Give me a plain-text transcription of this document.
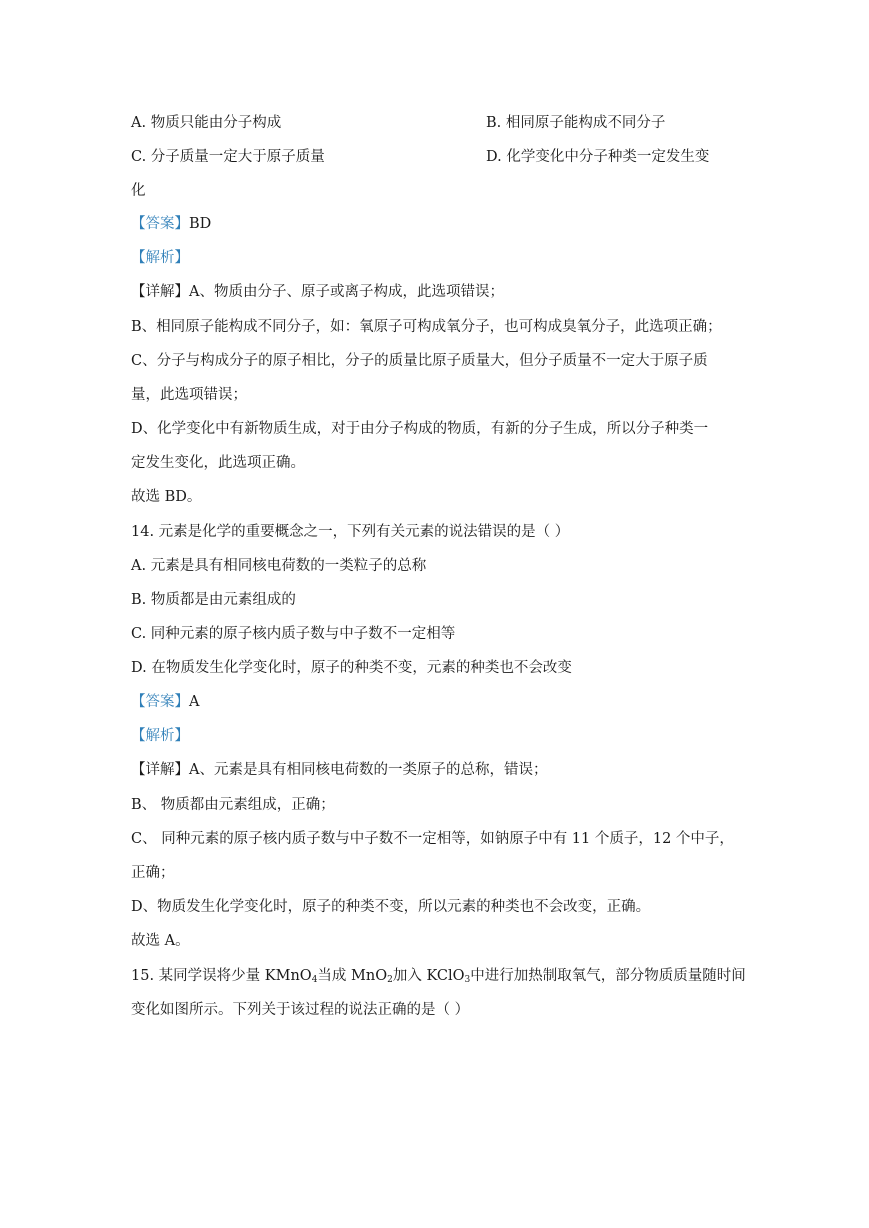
A. 物质只能由分子构成	B. 相同原子能构成不同分子
C. 分子质量一定大于原子质量	D. 化学变化中分子种类一定发生变
化
【答案】BD
【解析】
【详解】A、物质由分子、原子或离子构成，此选项错误；
B、相同原子能构成不同分子，如：氧原子可构成氧分子，也可构成臭氧分子，此选项正确；
C、分子与构成分子的原子相比，分子的质量比原子质量大，但分子质量不一定大于原子质
量，此选项错误；
D、化学变化中有新物质生成，对于由分子构成的物质，有新的分子生成，所以分子种类一
定发生变化，此选项正确。
故选 BD。
14. 元素是化学的重要概念之一，下列有关元素的说法错误的是（ ）
A. 元素是具有相同核电荷数的一类粒子的总称
B. 物质都是由元素组成的
C. 同种元素的原子核内质子数与中子数不一定相等
D. 在物质发生化学变化时，原子的种类不变，元素的种类也不会改变
【答案】A
【解析】
【详解】A、元素是具有相同核电荷数的一类原子的总称，错误；
B、 物质都由元素组成，正确；
C、 同种元素的原子核内质子数与中子数不一定相等，如钠原子中有 11 个质子，12 个中子，
正确；
D、物质发生化学变化时，原子的种类不变，所以元素的种类也不会改变，正确。
故选 A。
15. 某同学误将少量 KMnO$_4$当成 MnO$_2$加入 KClO$_3$中进行加热制取氧气，部分物质质量随时间
变化如图所示。下列关于该过程的说法正确的是（ ）
